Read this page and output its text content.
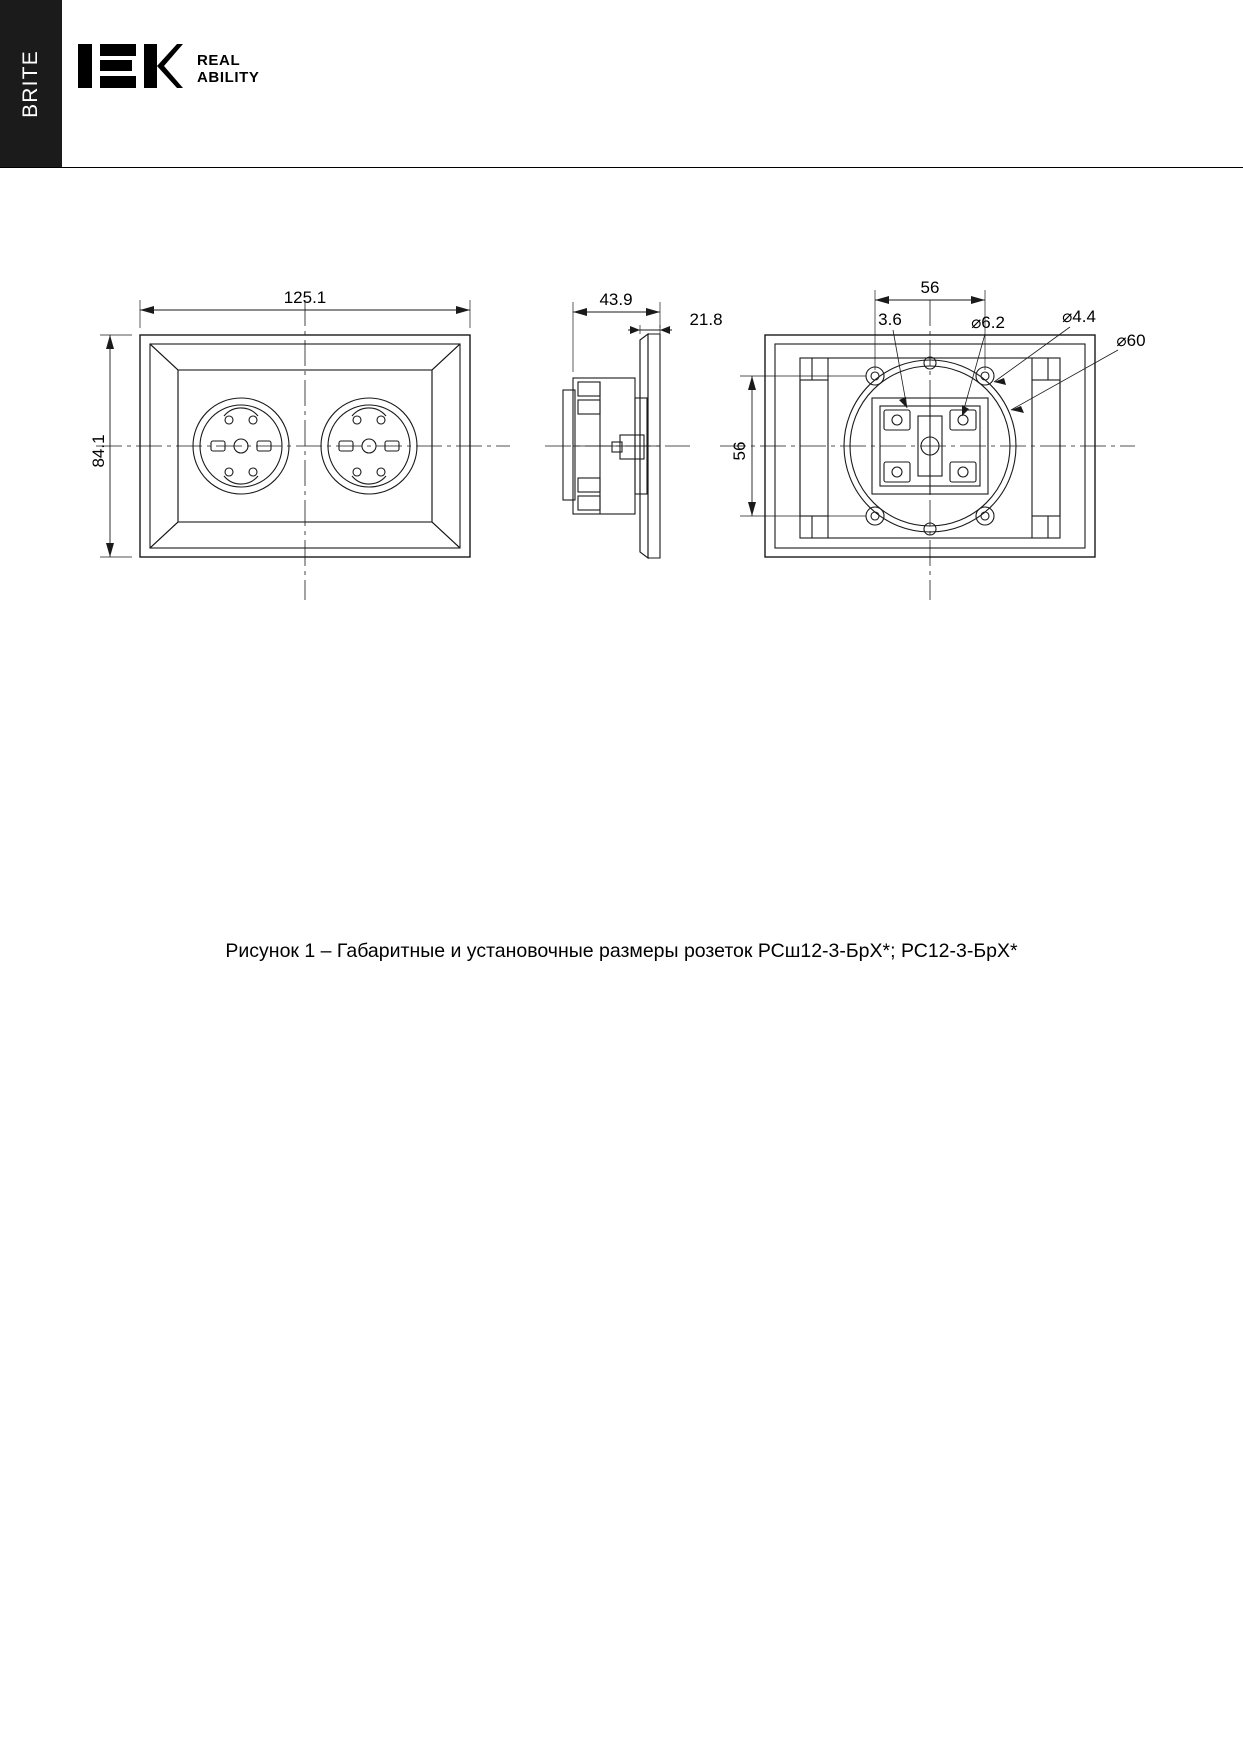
BRITE	REAL
ABILITY
125.1
84.1
43.9
21.8
56
56
3.6	⌀6.2	⌀4.4
⌀60
Рисунок 1 – Габаритные и установочные размеры розеток РСш12-3-БрХ*; РС12-3-БрХ*
